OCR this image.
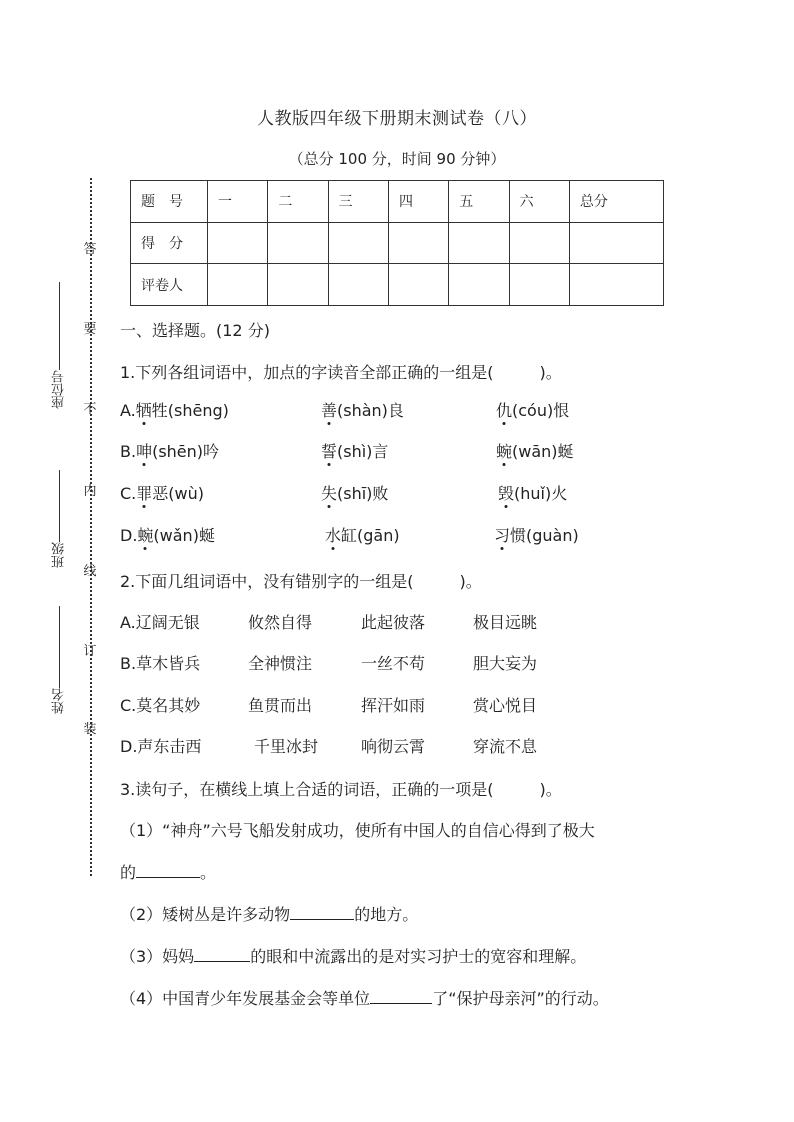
人教版四年级下册期末测试卷（八）
（总分 100 分，时间 90 分钟）
答
要
不
内
线
订
装
座位号
班级
姓名
题　号	一	二	三	四	五	六	总分
得　分							
评卷人							
一、选择题。(12 分)
1.下列各组词语中，加点的字读音全部正确的一组是(	)。
A.牺牲(shēng)	善(shàn)良	仇(cóu)恨
B.呻(shēn)吟	誓(shì)言	蜿(wān)蜒
C.罪恶(wù)	失(shī)败	毁(huǐ)火
D.蜿(wǎn)蜒	水缸(gān)	习惯(guàn)
2.下面几组词语中，没有错别字的一组是(	)。
A.辽阔无银	攸然自得	此起彼落	极目远眺
B.草木皆兵	全神惯注	一丝不苟	胆大妄为
C.莫名其妙	鱼贯而出	挥汗如雨	赏心悦目
D.声东击西	千里冰封	响彻云霄	穿流不息
3.读句子，在横线上填上合适的词语，正确的一项是(	)。
（1）“神舟”六号飞船发射成功，使所有中国人的自信心得到了极大
的	。
（2）矮树丛是许多动物	的地方。
（3）妈妈	的眼和中流露出的是对实习护士的宽容和理解。
（4）中国青少年发展基金会等单位	了“保护母亲河”的行动。
